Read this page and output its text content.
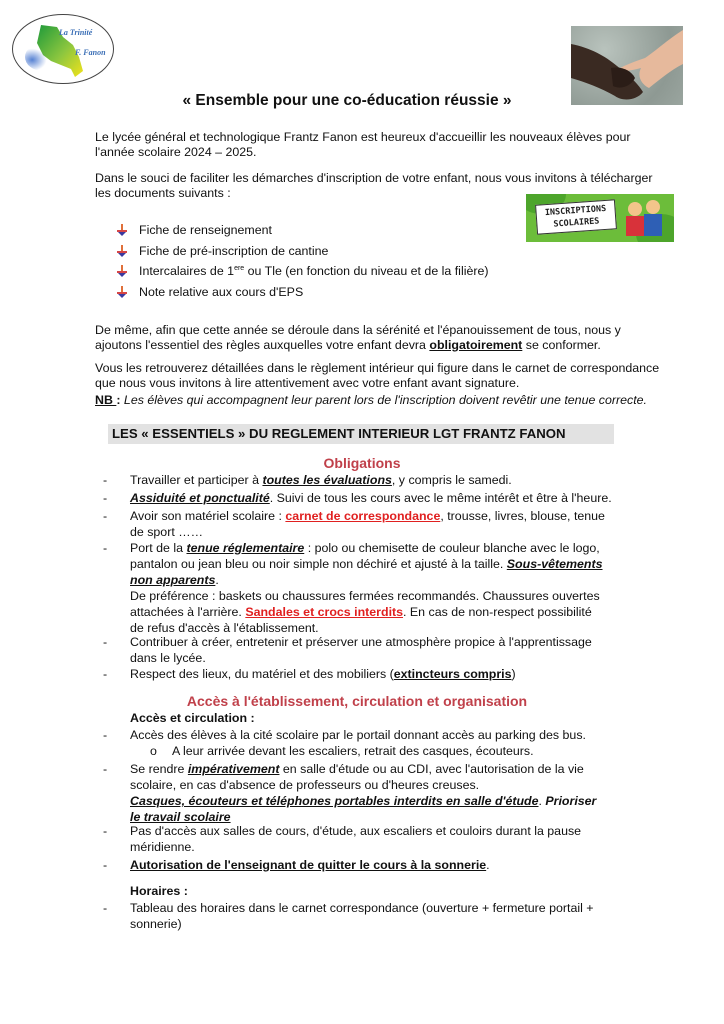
La Trinité
F. Fanon
« Ensemble pour une co-éducation réussie »
Le lycée général et technologique Frantz Fanon est heureux d'accueillir les nouveaux élèves pour
l'année scolaire 2024 – 2025.
Dans le souci de faciliter les démarches d'inscription de votre enfant, nous vous invitons à télécharger
les documents suivants :
INSCRIPTIONS
SCOLAIRES
Fiche de renseignement
Fiche de pré-inscription de cantine
Intercalaires de 1ere ou Tle (en fonction du niveau et de la filière)
Note relative aux cours d'EPS
De même, afin que cette année se déroule dans la sérénité et l'épanouissement de tous, nous y
ajoutons l'essentiel des règles auxquelles votre enfant devra obligatoirement se conformer.
Vous les retrouverez détaillées dans le règlement intérieur qui figure dans le carnet de correspondance
que nous vous invitons à lire attentivement avec votre enfant avant signature.
NB : Les élèves qui accompagnent leur parent lors de l'inscription doivent revêtir une tenue correcte.
LES « ESSENTIELS » DU REGLEMENT INTERIEUR LGT FRANTZ FANON
Obligations
- Travailler et participer à toutes les évaluations, y compris le samedi.
- Assiduité et ponctualité. Suivi de tous les cours avec le même intérêt et être à l'heure.
- Avoir son matériel scolaire : carnet de correspondance, trousse, livres, blouse, tenue
de sport ……
- Port de la tenue réglementaire : polo ou chemisette de couleur blanche avec le logo,
pantalon ou jean bleu ou noir simple non déchiré et ajusté à la taille. Sous-vêtements
non apparents.
De préférence : baskets ou chaussures fermées recommandés. Chaussures ouvertes
attachées à l'arrière. Sandales et crocs interdits. En cas de non-respect possibilité
de refus d'accès à l'établissement.
- Contribuer à créer, entretenir et préserver une atmosphère propice à l'apprentissage
dans le lycée.
- Respect des lieux, du matériel et des mobiliers (extincteurs compris)
Accès à l'établissement, circulation et organisation
Accès et circulation :
- Accès des élèves à la cité scolaire par le portail donnant accès au parking des bus.
o A leur arrivée devant les escaliers, retrait des casques, écouteurs.
- Se rendre impérativement en salle d'étude ou au CDI, avec l'autorisation de la vie
scolaire, en cas d'absence de professeurs ou d'heures creuses.
Casques, écouteurs et téléphones portables interdits en salle d'étude. Prioriser
le travail scolaire
- Pas d'accès aux salles de cours, d'étude, aux escaliers et couloirs durant la pause
méridienne.
- Autorisation de l'enseignant de quitter le cours à la sonnerie.
Horaires :
- Tableau des horaires dans le carnet correspondance (ouverture + fermeture portail +
sonnerie)
